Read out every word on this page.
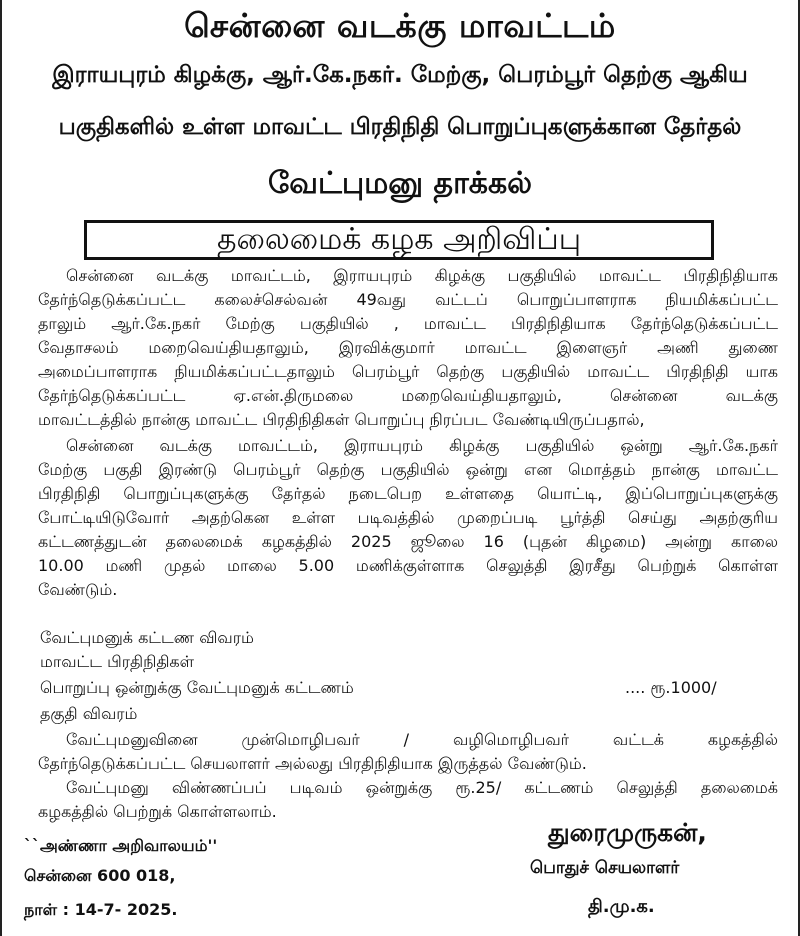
சென்னை வடக்கு மாவட்டம்
இராயபுரம் கிழக்கு, ஆர்.கே.நகர். மேற்கு, பெரம்பூர் தெற்கு ஆகிய
பகுதிகளில் உள்ள மாவட்ட பிரதிநிதி பொறுப்புகளுக்கான தேர்தல்
வேட்புமனு தாக்கல்
தலைமைக் கழக அறிவிப்பு
சென்னை வடக்கு மாவட்டம், இராயபுரம் கிழக்கு பகுதியில் மாவட்ட பிரதிநிதியாக
தேர்ந்தெடுக்கப்பட்ட கலைச்செல்வன் 49வது வட்டப் பொறுப்பாளராக நியமிக்கப்பட்ட
தாலும் ஆர்.கே.நகர் மேற்கு பகுதியில் , மாவட்ட பிரதிநிதியாக தேர்ந்தெடுக்கப்பட்ட
வேதாசலம் மறைவெய்தியதாலும், இரவிக்குமார் மாவட்ட இளைஞர் அணி துணை
அமைப்பாளராக நியமிக்கப்பட்டதாலும் பெரம்பூர் தெற்கு பகுதியில் மாவட்ட பிரதிநிதி யாக
தேர்ந்தெடுக்கப்பட்ட ஏ.என்.திருமலை மறைவெய்தியதாலும், சென்னை வடக்கு
மாவட்டத்தில் நான்கு மாவட்ட பிரதிநிதிகள் பொறுப்பு நிரப்பட வேண்டியிருப்பதால்,
சென்னை வடக்கு மாவட்டம், இராயபுரம் கிழக்கு பகுதியில் ஒன்று ஆர்.கே.நகர்
மேற்கு பகுதி இரண்டு பெரம்பூர் தெற்கு பகுதியில் ஒன்று என மொத்தம் நான்கு மாவட்ட
பிரதிநிதி பொறுப்புகளுக்கு தேர்தல் நடைபெற உள்ளதை யொட்டி, இப்பொறுப்புகளுக்கு
போட்டியிடுவோர் அதற்கென உள்ள படிவத்தில் முறைப்படி பூர்த்தி செய்து அதற்குரிய
கட்டணத்துடன் தலைமைக் கழகத்தில் 2025 ஜூலை 16 (புதன் கிழமை) அன்று காலை
10.00 மணி முதல் மாலை 5.00 மணிக்குள்ளாக செலுத்தி இரசீது பெற்றுக் கொள்ள
வேண்டும்.
வேட்புமனுக் கட்டண விவரம்
மாவட்ட பிரதிநிதிகள்
பொறுப்பு ஒன்றுக்கு வேட்புமனுக் கட்டணம்	.... ரூ.1000/
தகுதி விவரம்
வேட்புமனுவினை முன்மொழிபவர் / வழிமொழிபவர் வட்டக் கழகத்தில்
தேர்ந்தெடுக்கப்பட்ட செயலாளர் அல்லது பிரதிநிதியாக இருத்தல் வேண்டும்.
வேட்புமனு விண்ணப்பப் படிவம் ஒன்றுக்கு ரூ.25/ கட்டணம் செலுத்தி தலைமைக்
கழகத்தில் பெற்றுக் கொள்ளலாம்.
``அண்ணா அறிவாலயம்''
சென்னை 600 018,
நாள் : 14-7- 2025.
துரைமுருகன்,
பொதுச் செயலாளர்
தி.மு.க.
